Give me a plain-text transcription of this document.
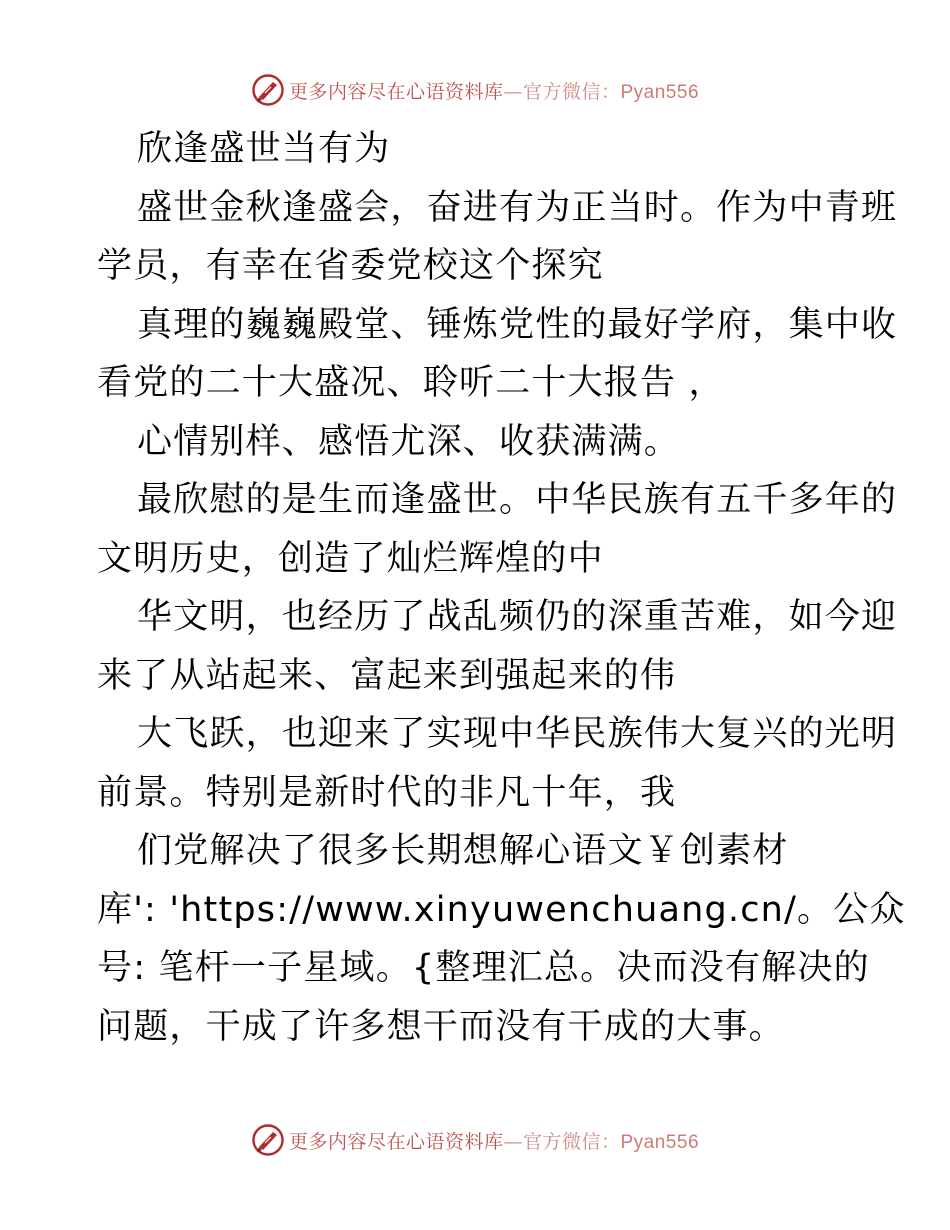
更多内容尽在心语资料库—官方微信：Pyan556
欣逢盛世当有为
盛世金秋逢盛会，奋进有为正当时。作为中青班
学员，有幸在省委党校这个探究
真理的巍巍殿堂、锤炼党性的最好学府，集中收
看党的二十大盛况、聆听二十大报告 ，
心情别样、感悟尤深、收获满满。
最欣慰的是生而逢盛世。中华民族有五千多年的
文明历史，创造了灿烂辉煌的中
华文明，也经历了战乱频仍的深重苦难，如今迎
来了从站起来、富起来到强起来的伟
大飞跃，也迎来了实现中华民族伟大复兴的光明
前景。特别是新时代的非凡十年，我
们党解决了很多长期想解心语文￥创素材
库': 'https://www.xinyuwenchuang.cn/。公众
号: 笔杆一子星域。{整理汇总。决而没有解决的
问题，干成了许多想干而没有干成的大事。
更多内容尽在心语资料库—官方微信：Pyan556
